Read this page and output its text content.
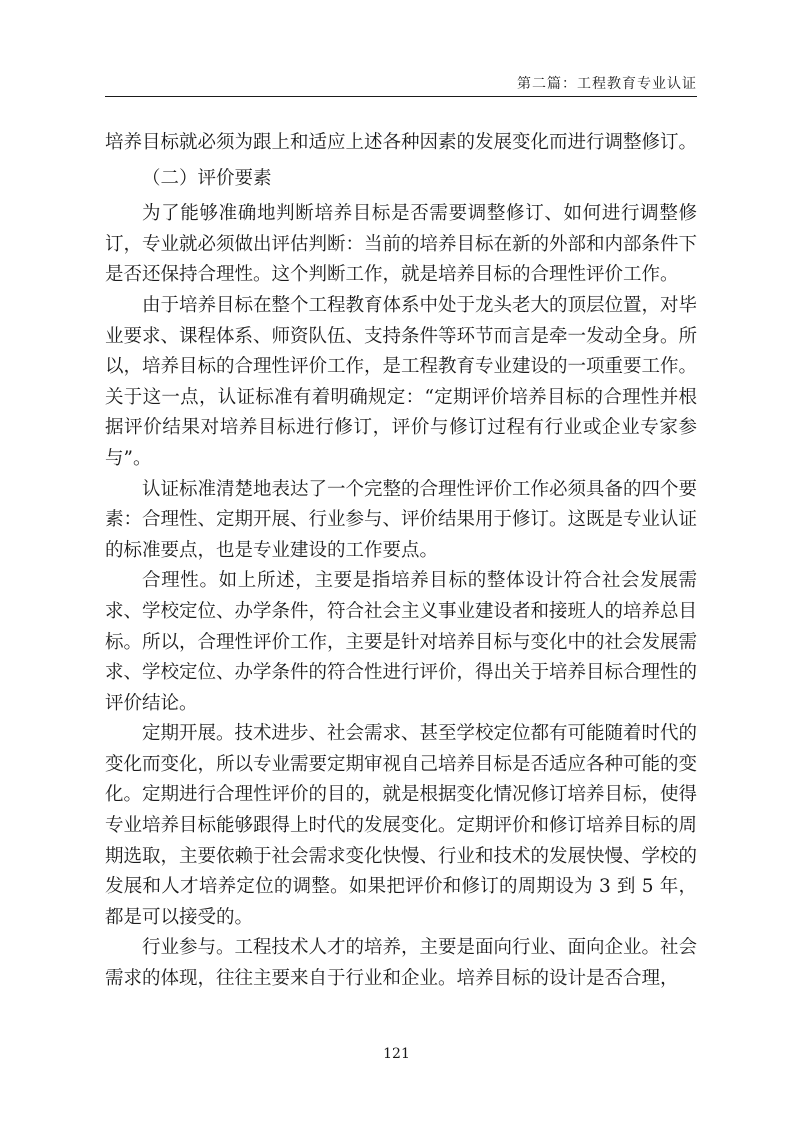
第二篇：工程教育专业认证

培养目标就必须为跟上和适应上述各种因素的发展变化而进行调整修订。

（二）评价要素

为了能够准确地判断培养目标是否需要调整修订、如何进行调整修订，专业就必须做出评估判断：当前的培养目标在新的外部和内部条件下是否还保持合理性。这个判断工作，就是培养目标的合理性评价工作。

由于培养目标在整个工程教育体系中处于龙头老大的顶层位置，对毕业要求、课程体系、师资队伍、支持条件等环节而言是牵一发动全身。所以，培养目标的合理性评价工作，是工程教育专业建设的一项重要工作。关于这一点，认证标准有着明确规定：“定期评价培养目标的合理性并根据评价结果对培养目标进行修订，评价与修订过程有行业或企业专家参与”。

认证标准清楚地表达了一个完整的合理性评价工作必须具备的四个要素：合理性、定期开展、行业参与、评价结果用于修订。这既是专业认证的标准要点，也是专业建设的工作要点。

合理性。如上所述，主要是指培养目标的整体设计符合社会发展需求、学校定位、办学条件，符合社会主义事业建设者和接班人的培养总目标。所以，合理性评价工作，主要是针对培养目标与变化中的社会发展需求、学校定位、办学条件的符合性进行评价，得出关于培养目标合理性的评价结论。

定期开展。技术进步、社会需求、甚至学校定位都有可能随着时代的变化而变化，所以专业需要定期审视自己培养目标是否适应各种可能的变化。定期进行合理性评价的目的，就是根据变化情况修订培养目标，使得专业培养目标能够跟得上时代的发展变化。定期评价和修订培养目标的周期选取，主要依赖于社会需求变化快慢、行业和技术的发展快慢、学校的发展和人才培养定位的调整。如果把评价和修订的周期设为 3 到 5 年，都是可以接受的。

行业参与。工程技术人才的培养，主要是面向行业、面向企业。社会需求的体现，往往主要来自于行业和企业。培养目标的设计是否合理，

121
